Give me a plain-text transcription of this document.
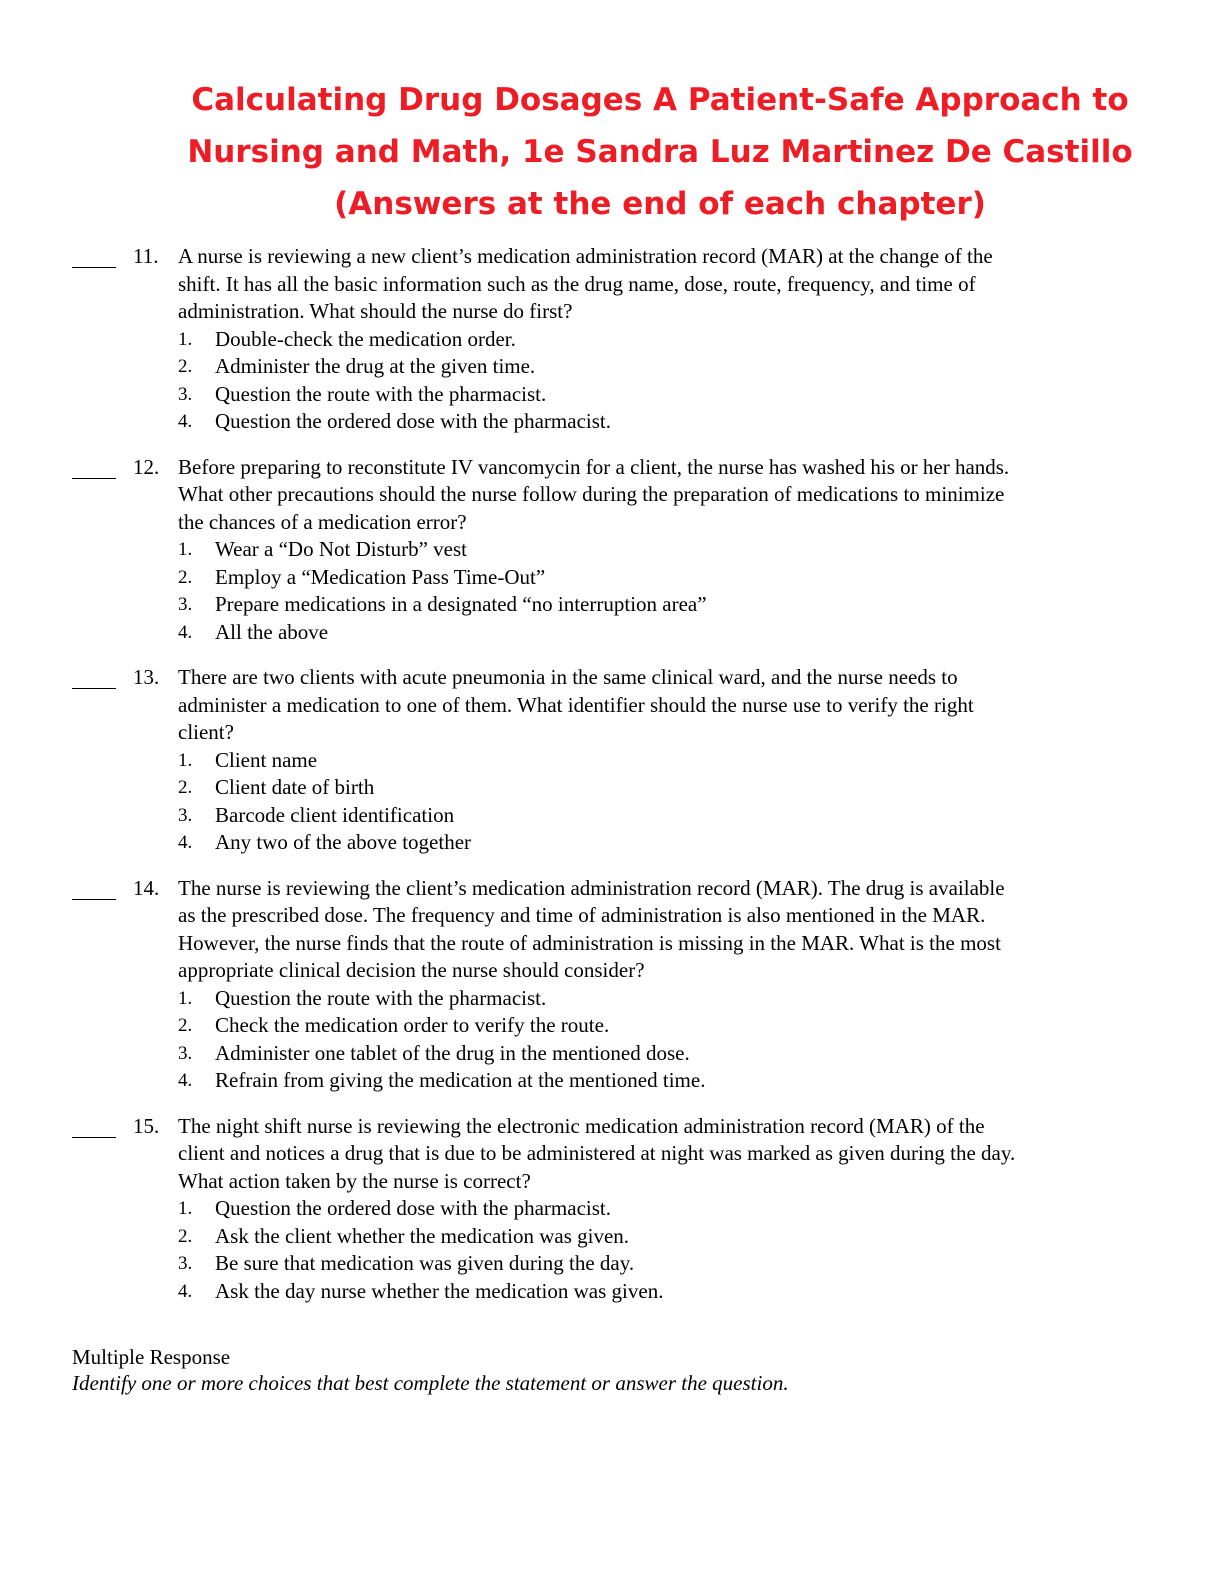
Calculating Drug Dosages A Patient-Safe Approach to
Nursing and Math, 1e Sandra Luz Martinez De Castillo
(Answers at the end of each chapter)
11. A nurse is reviewing a new client’s medication administration record (MAR) at the change of the
shift. It has all the basic information such as the drug name, dose, route, frequency, and time of
administration. What should the nurse do first?
1.	Double-check the medication order.
2.	Administer the drug at the given time.
3.	Question the route with the pharmacist.
4.	Question the ordered dose with the pharmacist.
12. Before preparing to reconstitute IV vancomycin for a client, the nurse has washed his or her hands.
What other precautions should the nurse follow during the preparation of medications to minimize
the chances of a medication error?
1.	Wear a “Do Not Disturb” vest
2.	Employ a “Medication Pass Time-Out”
3.	Prepare medications in a designated “no interruption area”
4.	All the above
13. There are two clients with acute pneumonia in the same clinical ward, and the nurse needs to
administer a medication to one of them. What identifier should the nurse use to verify the right
client?
1.	Client name
2.	Client date of birth
3.	Barcode client identification
4.	Any two of the above together
14. The nurse is reviewing the client’s medication administration record (MAR). The drug is available
as the prescribed dose. The frequency and time of administration is also mentioned in the MAR.
However, the nurse finds that the route of administration is missing in the MAR. What is the most
appropriate clinical decision the nurse should consider?
1.	Question the route with the pharmacist.
2.	Check the medication order to verify the route.
3.	Administer one tablet of the drug in the mentioned dose.
4.	Refrain from giving the medication at the mentioned time.
15. The night shift nurse is reviewing the electronic medication administration record (MAR) of the
client and notices a drug that is due to be administered at night was marked as given during the day.
What action taken by the nurse is correct?
1.	Question the ordered dose with the pharmacist.
2.	Ask the client whether the medication was given.
3.	Be sure that medication was given during the day.
4.	Ask the day nurse whether the medication was given.
Multiple Response
Identify one or more choices that best complete the statement or answer the question.
